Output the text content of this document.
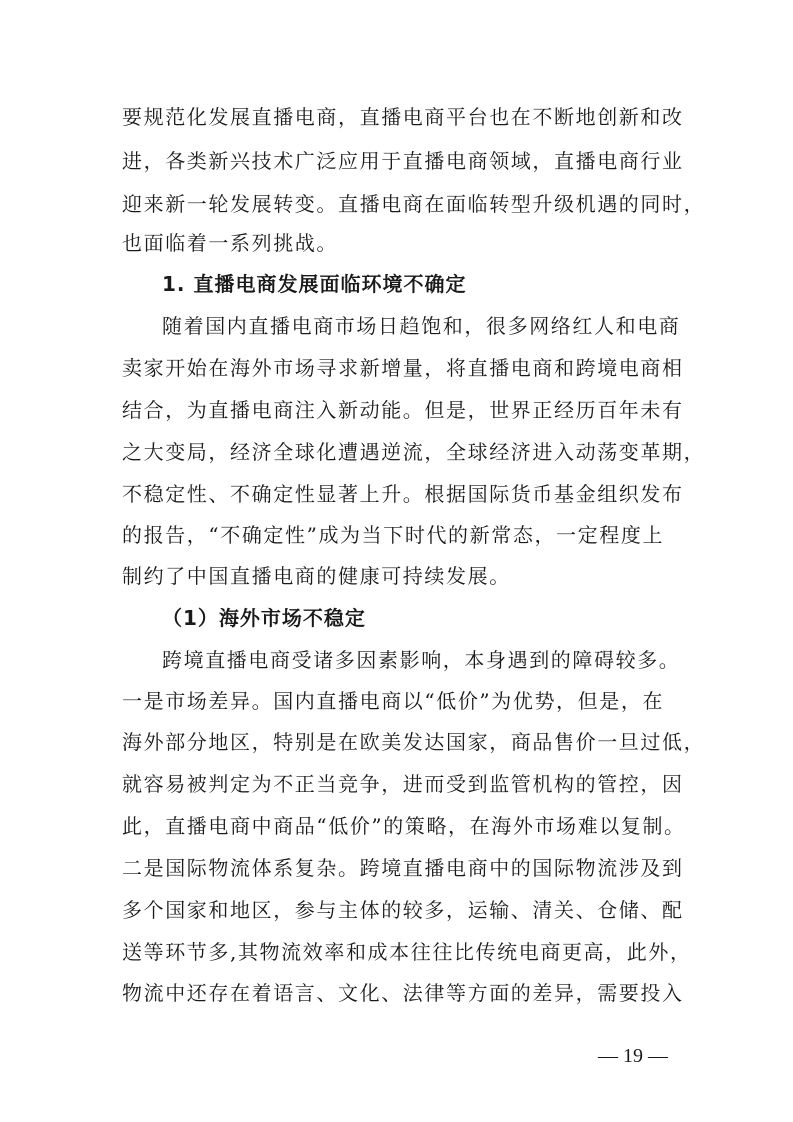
要规范化发展直播电商，直播电商平台也在不断地创新和改
进，各类新兴技术广泛应用于直播电商领域，直播电商行业
迎来新一轮发展转变。直播电商在面临转型升级机遇的同时，
也面临着一系列挑战。
1. 直播电商发展面临环境不确定
随着国内直播电商市场日趋饱和，很多网络红人和电商
卖家开始在海外市场寻求新增量，将直播电商和跨境电商相
结合，为直播电商注入新动能。但是，世界正经历百年未有
之大变局，经济全球化遭遇逆流，全球经济进入动荡变革期，
不稳定性、不确定性显著上升。根据国际货币基金组织发布
的报告，“不确定性”成为当下时代的新常态，一定程度上
制约了中国直播电商的健康可持续发展。
（1）海外市场不稳定
跨境直播电商受诸多因素影响，本身遇到的障碍较多。
一是市场差异。国内直播电商以“低价”为优势，但是，在
海外部分地区，特别是在欧美发达国家，商品售价一旦过低，
就容易被判定为不正当竞争，进而受到监管机构的管控，因
此，直播电商中商品“低价”的策略，在海外市场难以复制。
二是国际物流体系复杂。跨境直播电商中的国际物流涉及到
多个国家和地区，参与主体的较多，运输、清关、仓储、配
送等环节多,其物流效率和成本往往比传统电商更高，此外，
物流中还存在着语言、文化、法律等方面的差异，需要投入
— 19 —
